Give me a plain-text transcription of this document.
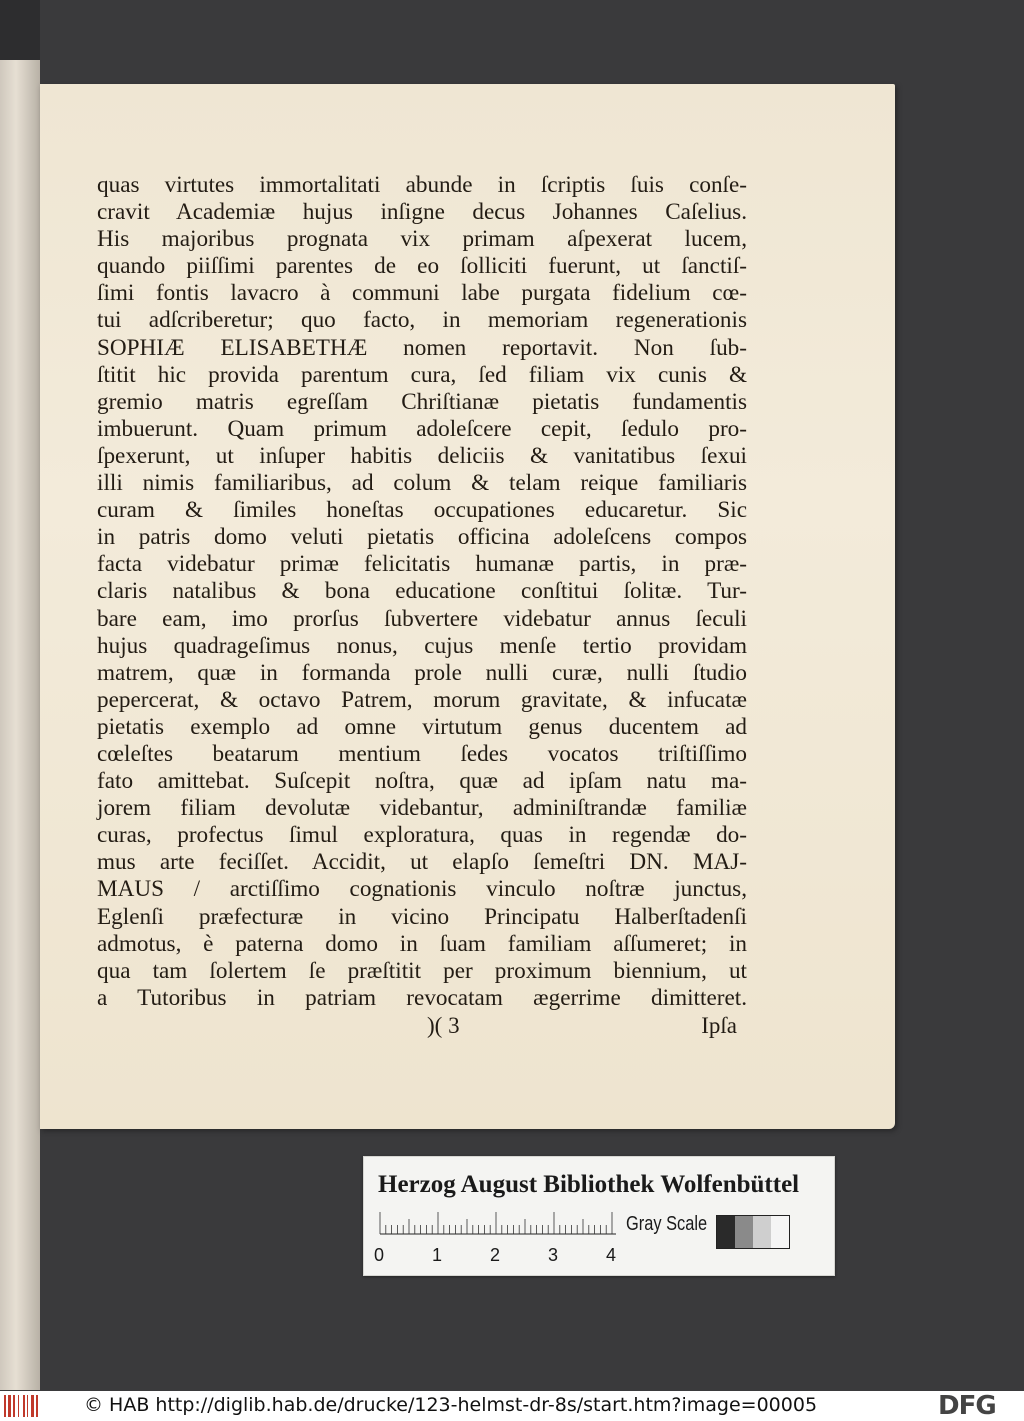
quas virtutes immortalitati abunde in ſcriptis ſuis conſe-
cravit Academiæ hujus inſigne decus Johannes Caſelius.
His majoribus prognata vix primam aſpexerat lucem,
quando piiſſimi parentes de eo ſolliciti fuerunt, ut ſanctiſ-
ſimi fontis lavacro à communi labe purgata fidelium cœ-
tui adſcriberetur; quo facto, in memoriam regenerationis
SOPHIÆ ELISABETHÆ nomen reportavit. Non ſub-
ſtitit hic provida parentum cura, ſed filiam vix cunis &
gremio matris egreſſam Chriſtianæ pietatis fundamentis
imbuerunt. Quam primum adoleſcere cepit, ſedulo pro-
ſpexerunt, ut inſuper habitis deliciis & vanitatibus ſexui
illi nimis familiaribus, ad colum & telam reique familiaris
curam & ſimiles honeſtas occupationes educaretur. Sic
in patris domo veluti pietatis officina adoleſcens compos
facta videbatur primæ felicitatis humanæ partis, in præ-
claris natalibus & bona educatione conſtitui ſolitæ. Tur-
bare eam, imo prorſus ſubvertere videbatur annus ſeculi
hujus quadrageſimus nonus, cujus menſe tertio providam
matrem, quæ in formanda prole nulli curæ, nulli ſtudio
pepercerat, & octavo Patrem, morum gravitate, & infucatæ
pietatis exemplo ad omne virtutum genus ducentem ad
cœleſtes beatarum mentium ſedes vocatos triſtiſſimo
fato amittebat. Suſcepit noſtra, quæ ad ipſam natu ma-
jorem filiam devolutæ videbantur, adminiſtrandæ familiæ
curas, profectus ſimul exploratura, quas in regendæ do-
mus arte feciſſet. Accidit, ut elapſo ſemeſtri DN. MAJ-
MAUS / arctiſſimo cognationis vinculo noſtræ junctus,
Eglenſi præfecturæ in vicino Principatu Halberſtadenſi
admotus, è paterna domo in ſuam familiam aſſumeret; in
qua tam ſolertem ſe præſtitit per proximum biennium, ut
a Tutoribus in patriam revocatam ægerrime dimitteret.
)( 3	Ipſa
Herzog August Bibliothek Wolfenbüttel
0	1	2	3	4
Gray Scale
© HAB http://diglib.hab.de/drucke/123-helmst-dr-8s/start.htm?image=00005	DFG
